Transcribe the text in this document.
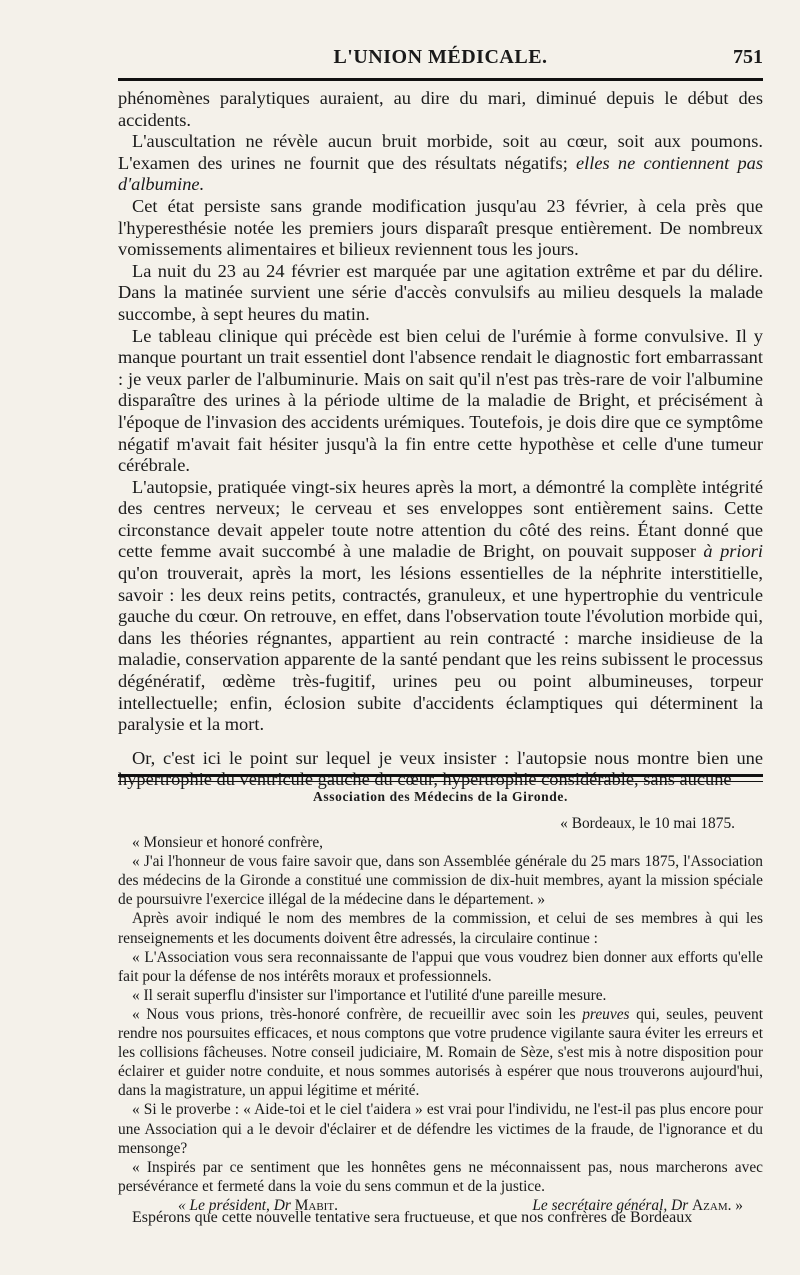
L'UNION MÉDICALE.	751

phénomènes paralytiques auraient, au dire du mari, diminué depuis le début des accidents.

L'auscultation ne révèle aucun bruit morbide, soit au cœur, soit aux poumons. L'examen des urines ne fournit que des résultats négatifs; elles ne contiennent pas d'albumine.

Cet état persiste sans grande modification jusqu'au 23 février, à cela près que l'hyperesthésie notée les premiers jours disparaît presque entièrement. De nombreux vomissements alimentaires et bilieux reviennent tous les jours.

La nuit du 23 au 24 février est marquée par une agitation extrême et par du délire. Dans la matinée survient une série d'accès convulsifs au milieu desquels la malade succombe, à sept heures du matin.

Le tableau clinique qui précède est bien celui de l'urémie à forme convulsive. Il y manque pourtant un trait essentiel dont l'absence rendait le diagnostic fort embarrassant : je veux parler de l'albuminurie. Mais on sait qu'il n'est pas très-rare de voir l'albumine disparaître des urines à la période ultime de la maladie de Bright, et précisément à l'époque de l'invasion des accidents urémiques. Toutefois, je dois dire que ce symptôme négatif m'avait fait hésiter jusqu'à la fin entre cette hypothèse et celle d'une tumeur cérébrale.

L'autopsie, pratiquée vingt-six heures après la mort, a démontré la complète intégrité des centres nerveux; le cerveau et ses enveloppes sont entièrement sains. Cette circonstance devait appeler toute notre attention du côté des reins. Étant donné que cette femme avait succombé à une maladie de Bright, on pouvait supposer à priori qu'on trouverait, après la mort, les lésions essentielles de la néphrite interstitielle, savoir : les deux reins petits, contractés, granuleux, et une hypertrophie du ventricule gauche du cœur. On retrouve, en effet, dans l'observation toute l'évolution morbide qui, dans les théories régnantes, appartient au rein contracté : marche insidieuse de la maladie, conservation apparente de la santé pendant que les reins subissent le processus dégénératif, œdème très-fugitif, urines peu ou point albumineuses, torpeur intellectuelle; enfin, éclosion subite d'accidents éclamptiques qui déterminent la paralysie et la mort.

Or, c'est ici le point sur lequel je veux insister : l'autopsie nous montre bien une hypertrophie du ventricule gauche du cœur, hypertrophie considérable, sans aucune

Association des Médecins de la Gironde.

« Bordeaux, le 10 mai 1875.

« Monsieur et honoré confrère,

« J'ai l'honneur de vous faire savoir que, dans son Assemblée générale du 25 mars 1875, l'Association des médecins de la Gironde a constitué une commission de dix-huit membres, ayant la mission spéciale de poursuivre l'exercice illégal de la médecine dans le département. »

Après avoir indiqué le nom des membres de la commission, et celui de ses membres à qui les renseignements et les documents doivent être adressés, la circulaire continue :

« L'Association vous sera reconnaissante de l'appui que vous voudrez bien donner aux efforts qu'elle fait pour la défense de nos intérêts moraux et professionnels.

« Il serait superflu d'insister sur l'importance et l'utilité d'une pareille mesure.

« Nous vous prions, très-honoré confrère, de recueillir avec soin les preuves qui, seules, peuvent rendre nos poursuites efficaces, et nous comptons que votre prudence vigilante saura éviter les erreurs et les collisions fâcheuses. Notre conseil judiciaire, M. Romain de Sèze, s'est mis à notre disposition pour éclairer et guider notre conduite, et nous sommes autorisés à espérer que nous trouverons aujourd'hui, dans la magistrature, un appui légitime et mérité.

« Si le proverbe : « Aide-toi et le ciel t'aidera » est vrai pour l'individu, ne l'est-il pas plus encore pour une Association qui a le devoir d'éclairer et de défendre les victimes de la fraude, de l'ignorance et du mensonge?

« Inspirés par ce sentiment que les honnêtes gens ne méconnaissent pas, nous marcherons avec persévérance et fermeté dans la voie du sens commun et de la justice.

« Le président, Dr Mabit.	Le secrétaire général, Dr Azam. »
Espérons que cette nouvelle tentative sera fructueuse, et que nos confrères de Bordeaux
